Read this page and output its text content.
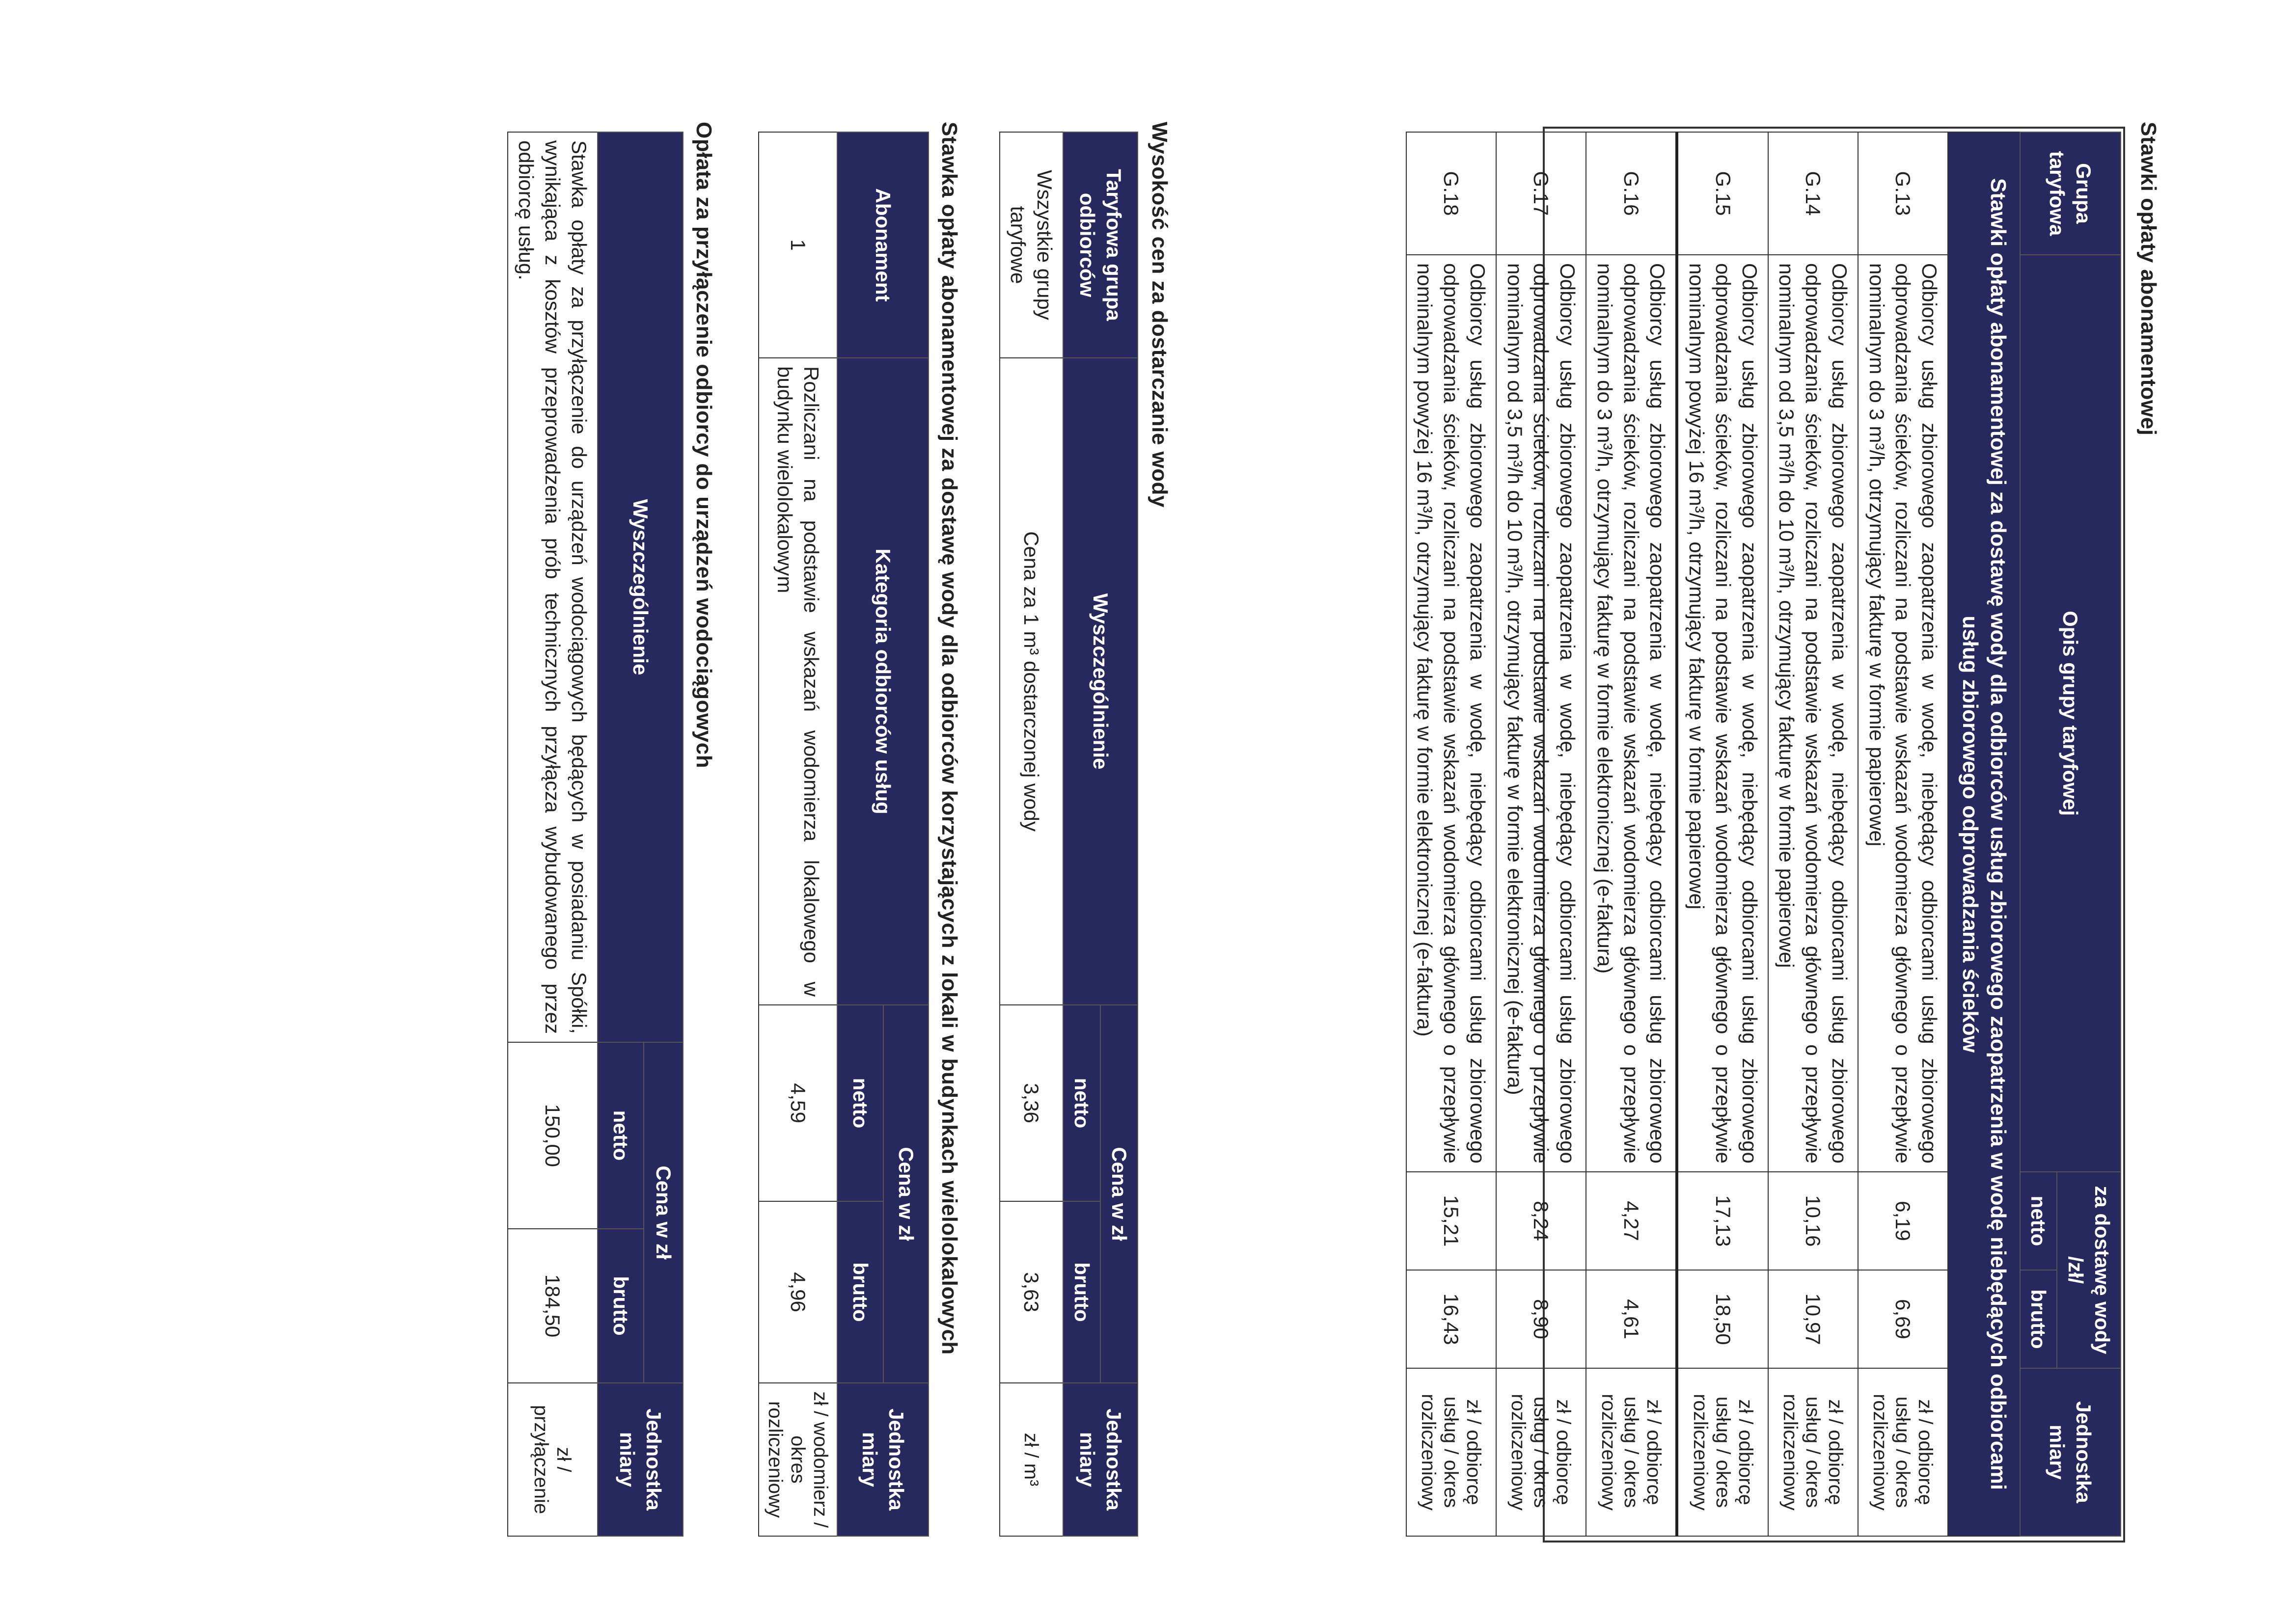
Stawki opłaty abonamentowej
Grupa taryfowa	Opis grupy taryfowej	za dostawę wody /zł/		Jednostka miary
		netto	brutto	
Stawki opłaty abonamentowej za dostawę wody dla odbiorców usług zbiorowego zaopatrzenia w wodę niebędących odbiorcami usług zbiorowego odprowadzania ścieków				
G.13	Odbiorcy usług zbiorowego zaopatrzenia w wodę, niebędący odbiorcami usług zbiorowego odprowadzania ścieków, rozliczani na podstawie wskazań wodomierza głównego o przepływie nominalnym do 3 m³/h, otrzymujący fakturę w formie papierowej	6,19	6,69	zł / odbiorcę usług / okres rozliczeniowy
G.14	Odbiorcy usług zbiorowego zaopatrzenia w wodę, niebędący odbiorcami usług zbiorowego odprowadzania ścieków, rozliczani na podstawie wskazań wodomierza głównego o przepływie nominalnym od 3,5 m³/h do 10 m³/h, otrzymujący fakturę w formie papierowej	10,16	10,97	zł / odbiorcę usług / okres rozliczeniowy
G.15	Odbiorcy usług zbiorowego zaopatrzenia w wodę, niebędący odbiorcami usług zbiorowego odprowadzania ścieków, rozliczani na podstawie wskazań wodomierza głównego o przepływie nominalnym powyżej 16 m³/h, otrzymujący fakturę w formie papierowej	17,13	18,50	zł / odbiorcę usług / okres rozliczeniowy
G.16	Odbiorcy usług zbiorowego zaopatrzenia w wodę, niebędący odbiorcami usług zbiorowego odprowadzania ścieków, rozliczani na podstawie wskazań wodomierza głównego o przepływie nominalnym do 3 m³/h, otrzymujący fakturę w formie elektronicznej (e-faktura)	4,27	4,61	zł / odbiorcę usług / okres rozliczeniowy
G.17	Odbiorcy usług zbiorowego zaopatrzenia w wodę, niebędący odbiorcami usług zbiorowego odprowadzania ścieków, rozliczani na podstawie wskazań wodomierza głównego o przepływie nominalnym od 3,5 m³/h do 10 m³/h, otrzymujący fakturę w formie elektronicznej (e-faktura)	8,24	8,90	zł / odbiorcę usług / okres rozliczeniowy
G.18	Odbiorcy usług zbiorowego zaopatrzenia w wodę, niebędący odbiorcami usług zbiorowego odprowadzania ścieków, rozliczani na podstawie wskazań wodomierza głównego o przepływie nominalnym powyżej 16 m³/h, otrzymujący fakturę w formie elektronicznej (e-faktura)	15,21	16,43	zł / odbiorcę usług / okres rozliczeniowy
Wysokość cen za dostarczanie wody
Taryfowa grupa odbiorców	Wyszczególnienie	Cena w zł		Jednostka miary
		netto	brutto	
Wszystkie grupy taryfowe	Cena za 1 m³ dostarczonej wody	3,36	3,63	zł / m³
Stawka opłaty abonamentowej za dostawę wody dla odbiorców korzystających z lokali w budynkach wielolokalowych
Abonament	Kategoria odbiorców usług	Cena w zł		Jednostka miary
		netto	brutto	
1	Rozliczani na podstawie wskazań wodomierza lokalowego w budynku wielolokalowym	4,59	4,96	zł / wodomierz / okres rozliczeniowy
Opłata za przyłączenie odbiorcy do urządzeń wodociągowych
Wyszczególnienie	Cena w zł		Jednostka miary
	netto	brutto	
Stawka opłaty za przyłączenie do urządzeń wodociągowych będących w posiadaniu Spółki, wynikająca z kosztów przeprowadzenia prób technicznych przyłącza wybudowanego przez odbiorcę usług.	150,00	184,50	zł / przyłączenie
